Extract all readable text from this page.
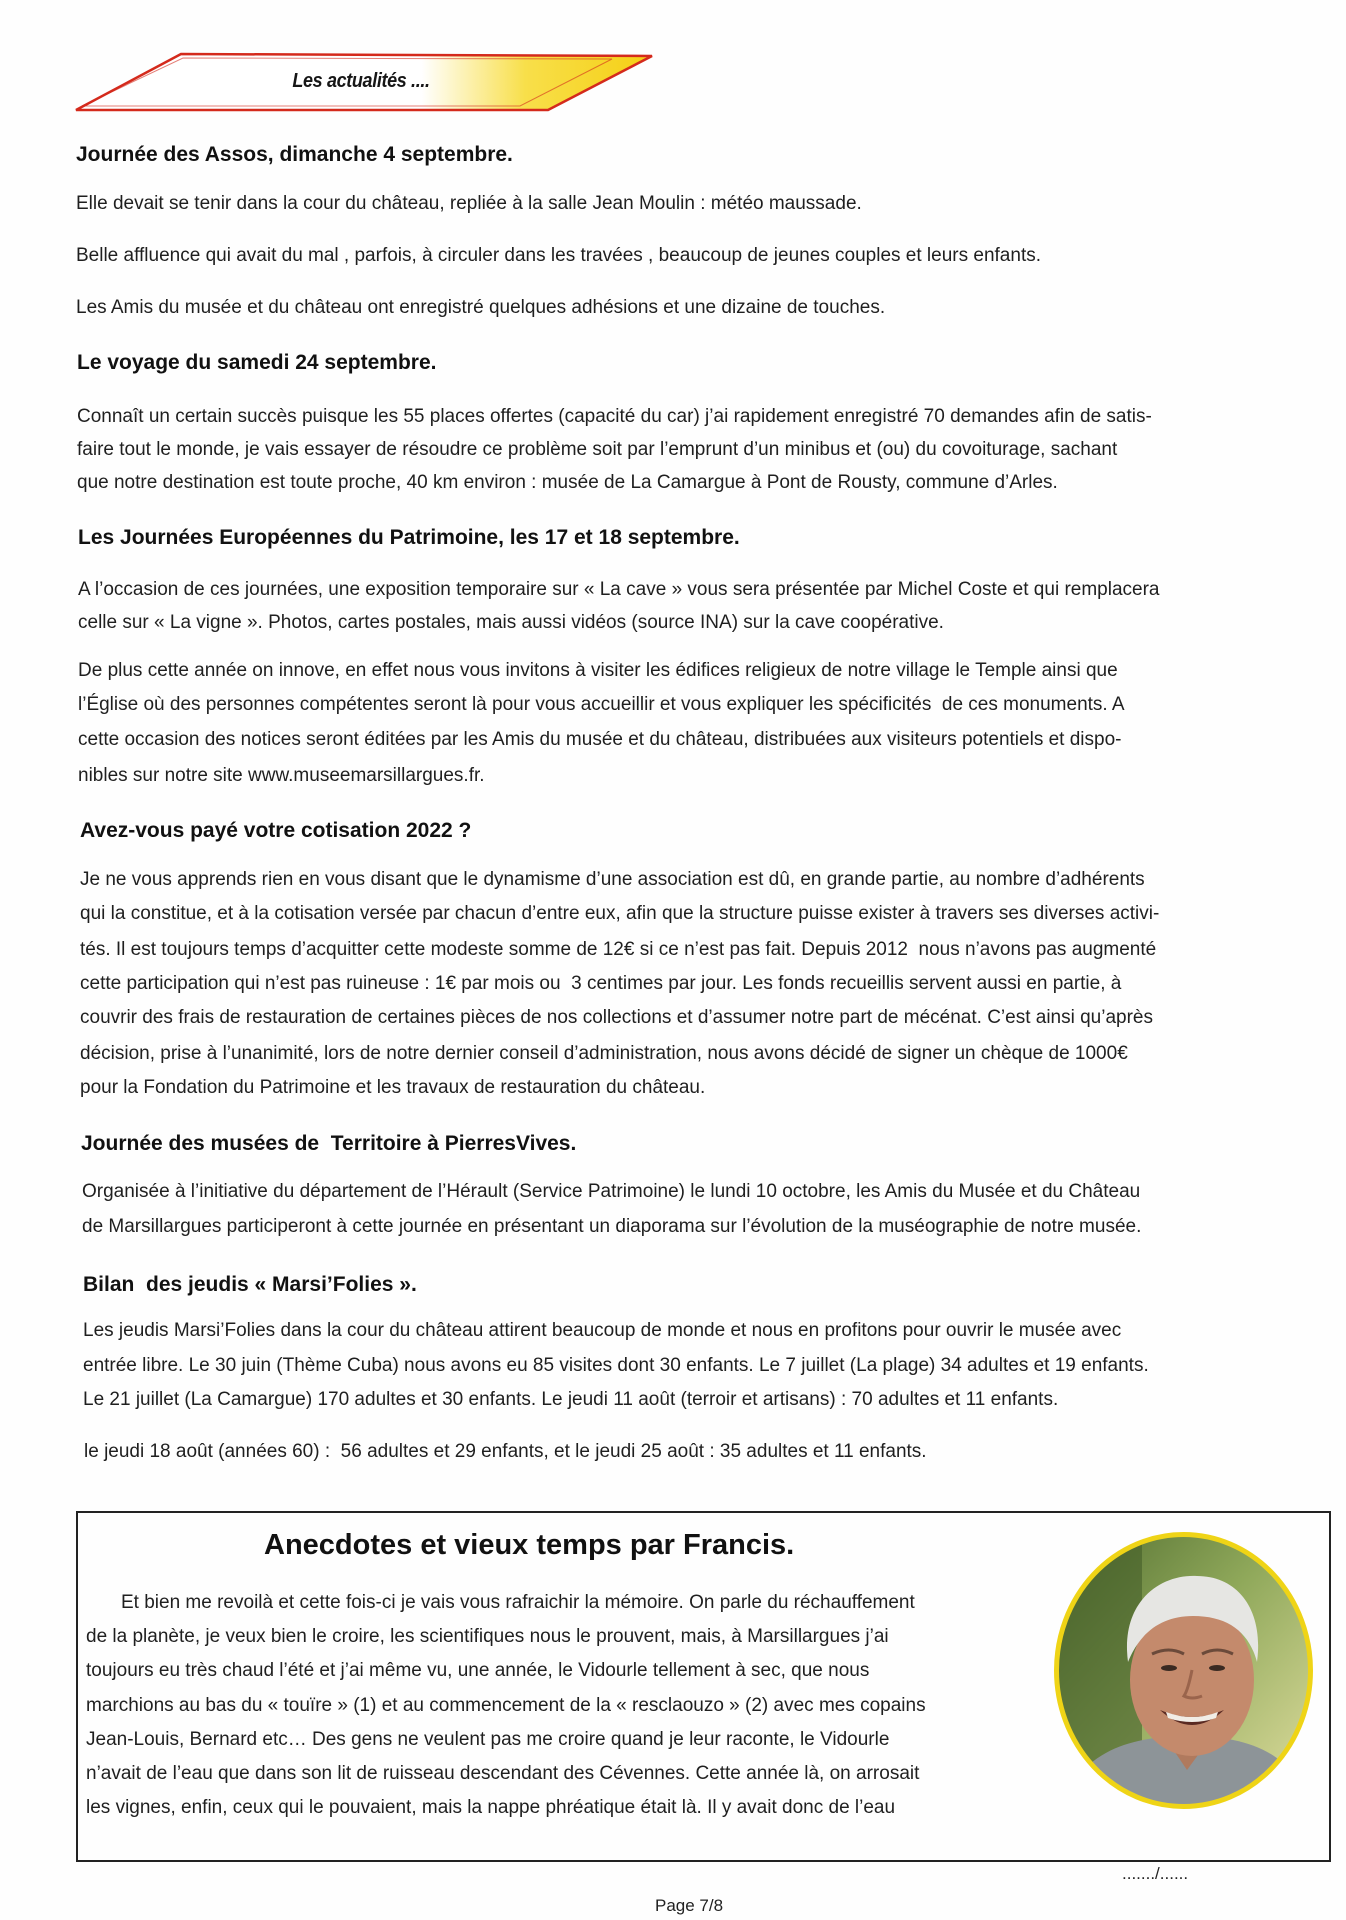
Les actualités ....
Journée des Assos, dimanche 4 septembre.
Elle devait se tenir dans la cour du château, repliée à la salle Jean Moulin : météo maussade.
Belle affluence qui avait du mal , parfois, à circuler dans les travées , beaucoup de jeunes couples et leurs enfants.
Les Amis du musée et du château ont enregistré quelques adhésions et une dizaine de touches.
Le voyage du samedi 24 septembre.
Connaît un certain succès puisque les 55 places offertes (capacité du car) j’ai rapidement enregistré 70 demandes afin de satis-
faire tout le monde, je vais essayer de résoudre ce problème soit par l’emprunt d’un minibus et (ou) du covoiturage, sachant
que notre destination est toute proche, 40 km environ : musée de La Camargue à Pont de Rousty, commune d’Arles.
Les Journées Européennes du Patrimoine, les 17 et 18 septembre.
A l’occasion de ces journées, une exposition temporaire sur « La cave » vous sera présentée par Michel Coste et qui remplacera
celle sur « La vigne ». Photos, cartes postales, mais aussi vidéos (source INA) sur la cave coopérative.
De plus cette année on innove, en effet nous vous invitons à visiter les édifices religieux de notre village le Temple ainsi que
l’Église où des personnes compétentes seront là pour vous accueillir et vous expliquer les spécificités  de ces monuments. A
cette occasion des notices seront éditées par les Amis du musée et du château, distribuées aux visiteurs potentiels et dispo-
nibles sur notre site www.museemarsillargues.fr.
Avez-vous payé votre cotisation 2022 ?
Je ne vous apprends rien en vous disant que le dynamisme d’une association est dû, en grande partie, au nombre d’adhérents
qui la constitue, et à la cotisation versée par chacun d’entre eux, afin que la structure puisse exister à travers ses diverses activi-
tés. Il est toujours temps d’acquitter cette modeste somme de 12€ si ce n’est pas fait. Depuis 2012  nous n’avons pas augmenté
cette participation qui n’est pas ruineuse : 1€ par mois ou  3 centimes par jour. Les fonds recueillis servent aussi en partie, à
couvrir des frais de restauration de certaines pièces de nos collections et d’assumer notre part de mécénat. C’est ainsi qu’après
décision, prise à l’unanimité, lors de notre dernier conseil d’administration, nous avons décidé de signer un chèque de 1000€
pour la Fondation du Patrimoine et les travaux de restauration du château.
Journée des musées de  Territoire à PierresVives.
Organisée à l’initiative du département de l’Hérault (Service Patrimoine) le lundi 10 octobre, les Amis du Musée et du Château
de Marsillargues participeront à cette journée en présentant un diaporama sur l’évolution de la muséographie de notre musée.
Bilan  des jeudis « Marsi’Folies ».
Les jeudis Marsi’Folies dans la cour du château attirent beaucoup de monde et nous en profitons pour ouvrir le musée avec
entrée libre. Le 30 juin (Thème Cuba) nous avons eu 85 visites dont 30 enfants. Le 7 juillet (La plage) 34 adultes et 19 enfants.
Le 21 juillet (La Camargue) 170 adultes et 30 enfants. Le jeudi 11 août (terroir et artisans) : 70 adultes et 11 enfants.
le jeudi 18 août (années 60) :  56 adultes et 29 enfants, et le jeudi 25 août : 35 adultes et 11 enfants.
Anecdotes et vieux temps par Francis.
Et bien me revoilà et cette fois-ci je vais vous rafraichir la mémoire. On parle du réchauffement
de la planète, je veux bien le croire, les scientifiques nous le prouvent, mais, à Marsillargues j’ai
toujours eu très chaud l’été et j’ai même vu, une année, le Vidourle tellement à sec, que nous
marchions au bas du « touïre » (1) et au commencement de la « resclaouzo » (2) avec mes copains
Jean-Louis, Bernard etc… Des gens ne veulent pas me croire quand je leur raconte, le Vidourle
n’avait de l’eau que dans son lit de ruisseau descendant des Cévennes. Cette année là, on arrosait
les vignes, enfin, ceux qui le pouvaient, mais la nappe phréatique était là. Il y avait donc de l’eau
......./......
Page 7/8
